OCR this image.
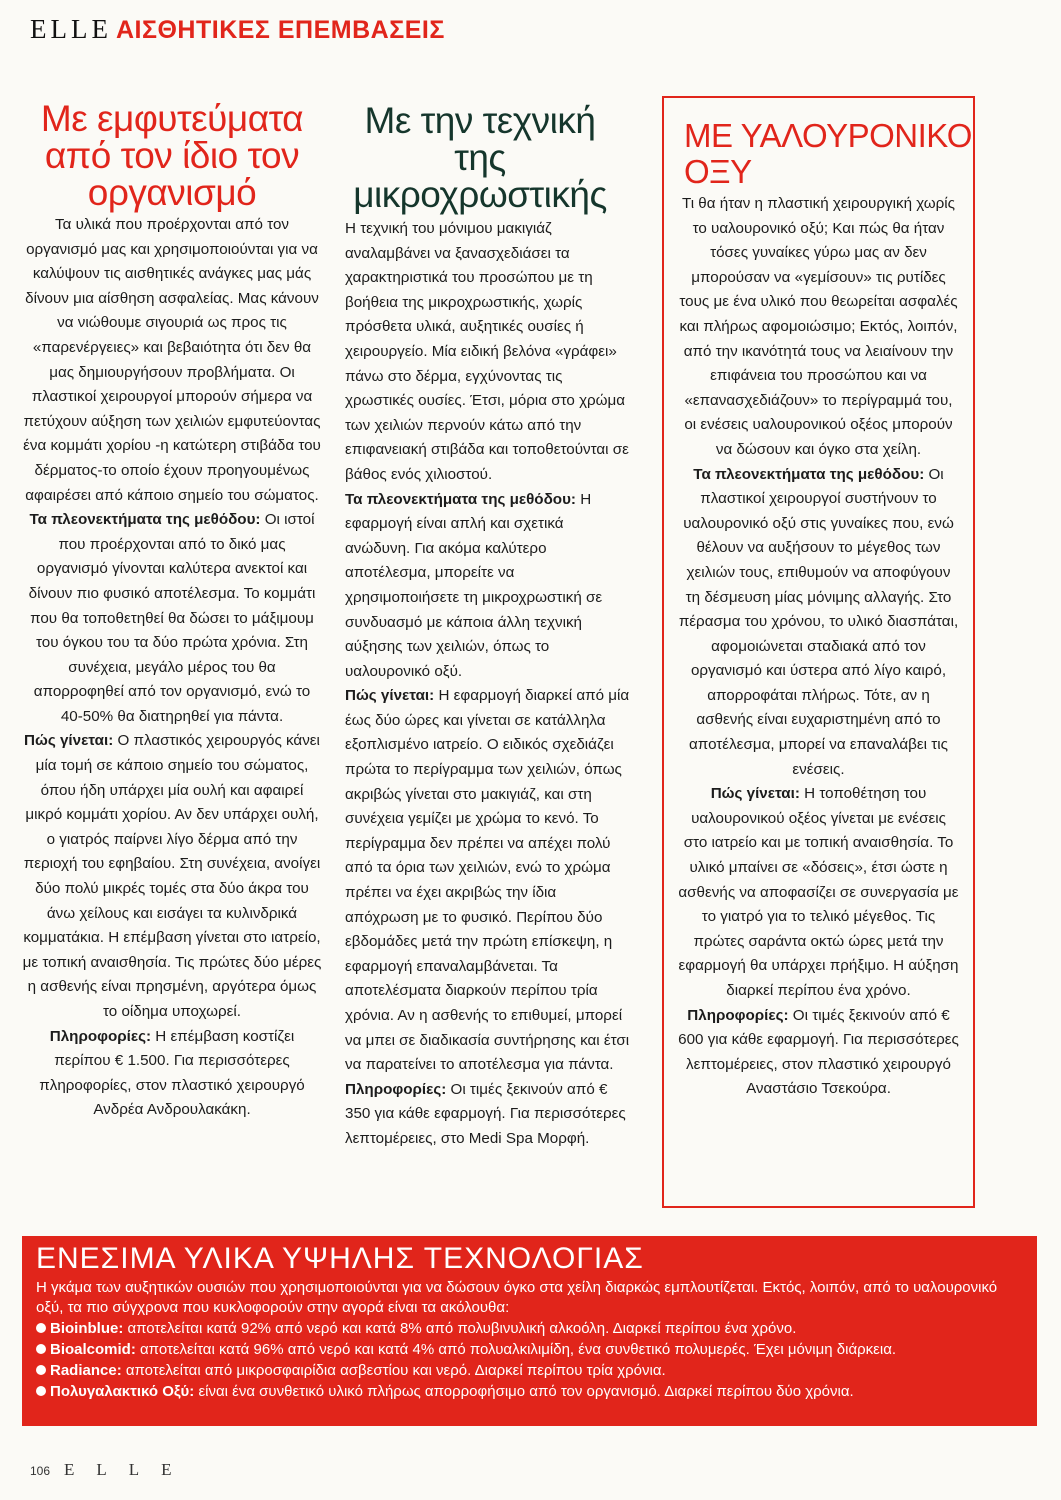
ELLE ΑΙΣΘΗΤΙΚΕΣ ΕΠΕΜΒΑΣΕΙΣ
Με εμφυτεύματα από τον ίδιο τον οργανισμό

Τα υλικά που προέρχονται από τον οργανισμό μας και χρησιμοποιούνται για να καλύψουν τις αισθητικές ανάγκες μας μάς δίνουν μια αίσθηση ασφαλείας. Μας κάνουν να νιώθουμε σιγουριά ως προς τις «παρενέργειες» και βεβαιότητα ότι δεν θα μας δημιουργήσουν προβλήματα. Οι πλαστικοί χειρουργοί μπορούν σήμερα να πετύχουν αύξηση των χειλιών εμφυτεύοντας ένα κομμάτι χορίου -η κατώτερη στιβάδα του δέρματος-το οποίο έχουν προηγουμένως αφαιρέσει από κάποιο σημείο του σώματος.
Τα πλεονεκτήματα της μεθόδου: Οι ιστοί που προέρχονται από το δικό μας οργανισμό γίνονται καλύτερα ανεκτοί και δίνουν πιο φυσικό αποτέλεσμα. Το κομμάτι που θα τοποθετηθεί θα δώσει το μάξιμουμ του όγκου του τα δύο πρώτα χρόνια. Στη συνέχεια, μεγάλο μέρος του θα απορροφηθεί από τον οργανισμό, ενώ το 40-50% θα διατηρηθεί για πάντα.
Πώς γίνεται: Ο πλαστικός χειρουργός κάνει μία τομή σε κάποιο σημείο του σώματος, όπου ήδη υπάρχει μία ουλή και αφαιρεί μικρό κομμάτι χορίου. Αν δεν υπάρχει ουλή, ο γιατρός παίρνει λίγο δέρμα από την περιοχή του εφηβαίου. Στη συνέχεια, ανοίγει δύο πολύ μικρές τομές στα δύο άκρα του άνω χείλους και εισάγει τα κυλινδρικά κομματάκια. Η επέμβαση γίνεται στο ιατρείο, με τοπική αναισθησία. Τις πρώτες δύο μέρες η ασθενής είναι πρησμένη, αργότερα όμως το οίδημα υποχωρεί.
Πληροφορίες: Η επέμβαση κοστίζει περίπου € 1.500. Για περισσότερες πληροφορίες, στον πλαστικό χειρουργό Ανδρέα Ανδρουλακάκη.

Με την τεχνική της μικροχρωστικής

Η τεχνική του μόνιμου μακιγιάζ αναλαμβάνει να ξανασχεδιάσει τα χαρακτηριστικά του προσώπου με τη βοήθεια της μικροχρωστικής, χωρίς πρόσθετα υλικά, αυξητικές ουσίες ή χειρουργείο. Μία ειδική βελόνα «γράφει» πάνω στο δέρμα, εγχύνοντας τις χρωστικές ουσίες. Έτσι, μόρια στο χρώμα των χειλιών περνούν κάτω από την επιφανειακή στιβάδα και τοποθετούνται σε βάθος ενός χιλιοστού.
Τα πλεονεκτήματα της μεθόδου: Η εφαρμογή είναι απλή και σχετικά ανώδυνη. Για ακόμα καλύτερο αποτέλεσμα, μπορείτε να χρησιμοποιήσετε τη μικροχρωστική σε συνδυασμό με κάποια άλλη τεχνική αύξησης των χειλιών, όπως το υαλουρονικό οξύ.
Πώς γίνεται: Η εφαρμογή διαρκεί από μία έως δύο ώρες και γίνεται σε κατάλληλα εξοπλισμένο ιατρείο. Ο ειδικός σχεδιάζει πρώτα το περίγραμμα των χειλιών, όπως ακριβώς γίνεται στο μακιγιάζ, και στη συνέχεια γεμίζει με χρώμα το κενό. Το περίγραμμα δεν πρέπει να απέχει πολύ από τα όρια των χειλιών, ενώ το χρώμα πρέπει να έχει ακριβώς την ίδια απόχρωση με το φυσικό. Περίπου δύο εβδομάδες μετά την πρώτη επίσκεψη, η εφαρμογή επαναλαμβάνεται. Τα αποτελέσματα διαρκούν περίπου τρία χρόνια. Αν η ασθενής το επιθυμεί, μπορεί να μπει σε διαδικασία συντήρησης και έτσι να παρατείνει το αποτέλεσμα για πάντα.
Πληροφορίες: Οι τιμές ξεκινούν από € 350 για κάθε εφαρμογή. Για περισσότερες λεπτομέρειες, στο Medi Spa Μορφή.

ΜΕ ΥΑΛΟΥΡΟΝΙΚΟ ΟΞΥ

Τι θα ήταν η πλαστική χειρουργική χωρίς το υαλουρονικό οξύ; Και πώς θα ήταν τόσες γυναίκες γύρω μας αν δεν μπορούσαν να «γεμίσουν» τις ρυτίδες τους με ένα υλικό που θεωρείται ασφαλές και πλήρως αφομοιώσιμο; Εκτός, λοιπόν, από την ικανότητά τους να λειαίνουν την επιφάνεια του προσώπου και να «επανασχεδιάζουν» το περίγραμμά του, οι ενέσεις υαλουρονικού οξέος μπορούν να δώσουν και όγκο στα χείλη.
Τα πλεονεκτήματα της μεθόδου: Οι πλαστικοί χειρουργοί συστήνουν το υαλουρονικό οξύ στις γυναίκες που, ενώ θέλουν να αυξήσουν το μέγεθος των χειλιών τους, επιθυμούν να αποφύγουν τη δέσμευση μίας μόνιμης αλλαγής. Στο πέρασμα του χρόνου, το υλικό διασπάται, αφομοιώνεται σταδιακά από τον οργανισμό και ύστερα από λίγο καιρό, απορροφάται πλήρως. Τότε, αν η ασθενής είναι ευχαριστημένη από το αποτέλεσμα, μπορεί να επαναλάβει τις ενέσεις.
Πώς γίνεται: Η τοποθέτηση του υαλουρονικού οξέος γίνεται με ενέσεις στο ιατρείο και με τοπική αναισθησία. Το υλικό μπαίνει σε «δόσεις», έτσι ώστε η ασθενής να αποφασίζει σε συνεργασία με το γιατρό για το τελικό μέγεθος. Τις πρώτες σαράντα οκτώ ώρες μετά την εφαρμογή θα υπάρχει πρήξιμο. Η αύξηση διαρκεί περίπου ένα χρόνο.
Πληροφορίες: Οι τιμές ξεκινούν από € 600 για κάθε εφαρμογή. Για περισσότερες λεπτομέρειες, στον πλαστικό χειρουργό Αναστάσιο Τσεκούρα.

ΕΝΕΣΙΜΑ ΥΛΙΚΑ ΥΨΗΛΗΣ ΤΕΧΝΟΛΟΓΙΑΣ

Η γκάμα των αυξητικών ουσιών που χρησιμοποιούνται για να δώσουν όγκο στα χείλη διαρκώς εμπλουτίζεται. Εκτός, λοιπόν, από το υαλουρονικό οξύ, τα πιο σύγχρονα που κυκλοφορούν στην αγορά είναι τα ακόλουθα:

Bioinblue: αποτελείται κατά 92% από νερό και κατά 8% από πολυβινυλική αλκοόλη. Διαρκεί περίπου ένα χρόνο.
Bioalcomid: αποτελείται κατά 96% από νερό και κατά 4% από πολυαλκιλιμίδη, ένα συνθετικό πολυμερές. Έχει μόνιμη διάρκεια.
Radiance: αποτελείται από μικροσφαιρίδια ασβεστίου και νερό. Διαρκεί περίπου τρία χρόνια.
Πολυγαλακτικό Οξύ: είναι ένα συνθετικό υλικό πλήρως απορροφήσιμο από τον οργανισμό. Διαρκεί περίπου δύο χρόνια.
106 ELLE
